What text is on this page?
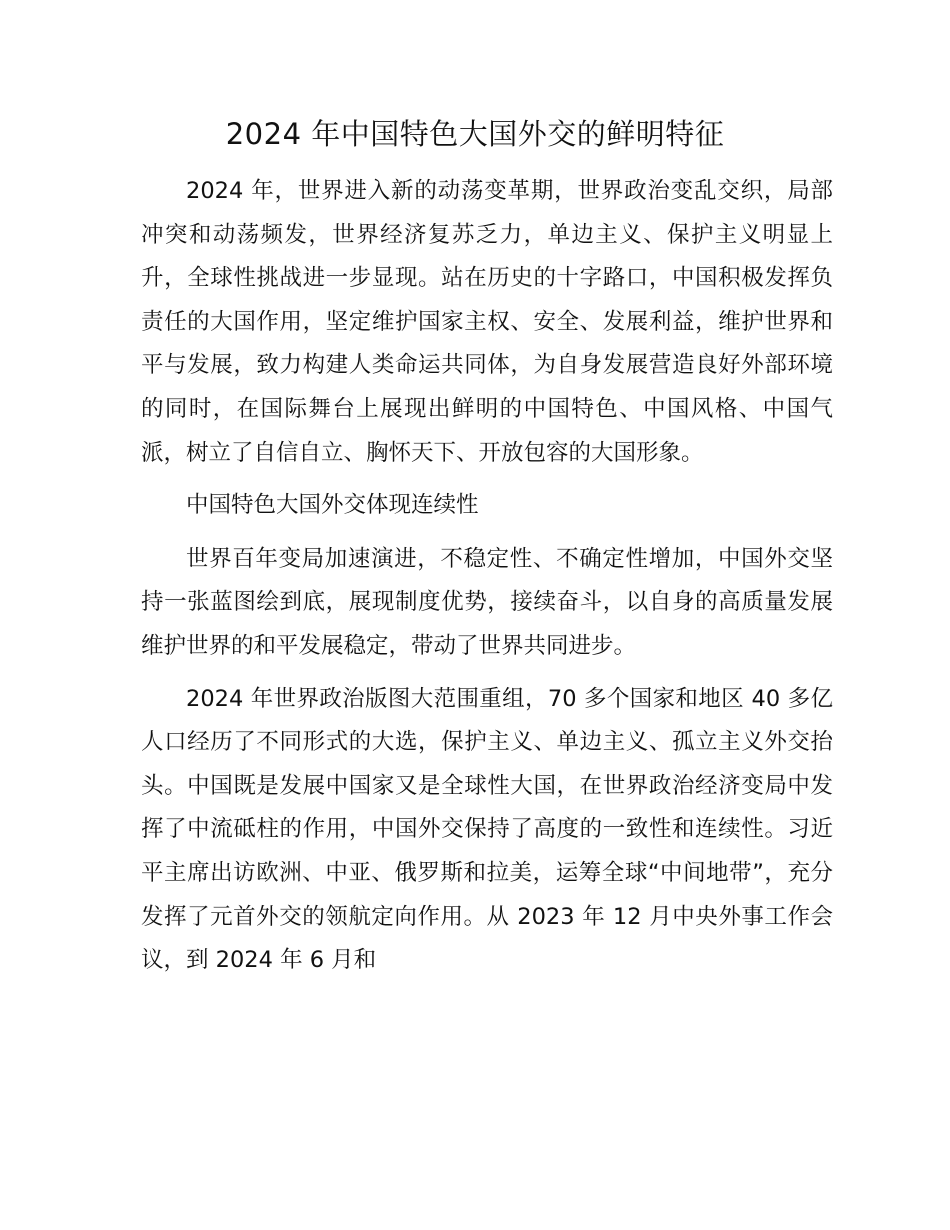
2024 年中国特色大国外交的鲜明特征

2024 年，世界进入新的动荡变革期，世界政治变乱交织，局部冲突和动荡频发，世界经济复苏乏力，单边主义、保护主义明显上升，全球性挑战进一步显现。站在历史的十字路口，中国积极发挥负责任的大国作用，坚定维护国家主权、安全、发展利益，维护世界和平与发展，致力构建人类命运共同体，为自身发展营造良好外部环境的同时，在国际舞台上展现出鲜明的中国特色、中国风格、中国气派，树立了自信自立、胸怀天下、开放包容的大国形象。

中国特色大国外交体现连续性

世界百年变局加速演进，不稳定性、不确定性增加，中国外交坚持一张蓝图绘到底，展现制度优势，接续奋斗，以自身的高质量发展维护世界的和平发展稳定，带动了世界共同进步。

2024 年世界政治版图大范围重组，70 多个国家和地区 40 多亿人口经历了不同形式的大选，保护主义、单边主义、孤立主义外交抬头。中国既是发展中国家又是全球性大国，在世界政治经济变局中发挥了中流砥柱的作用，中国外交保持了高度的一致性和连续性。习近平主席出访欧洲、中亚、俄罗斯和拉美，运筹全球“中间地带”，充分发挥了元首外交的领航定向作用。从 2023 年 12 月中央外事工作会议，到 2024 年 6 月和
